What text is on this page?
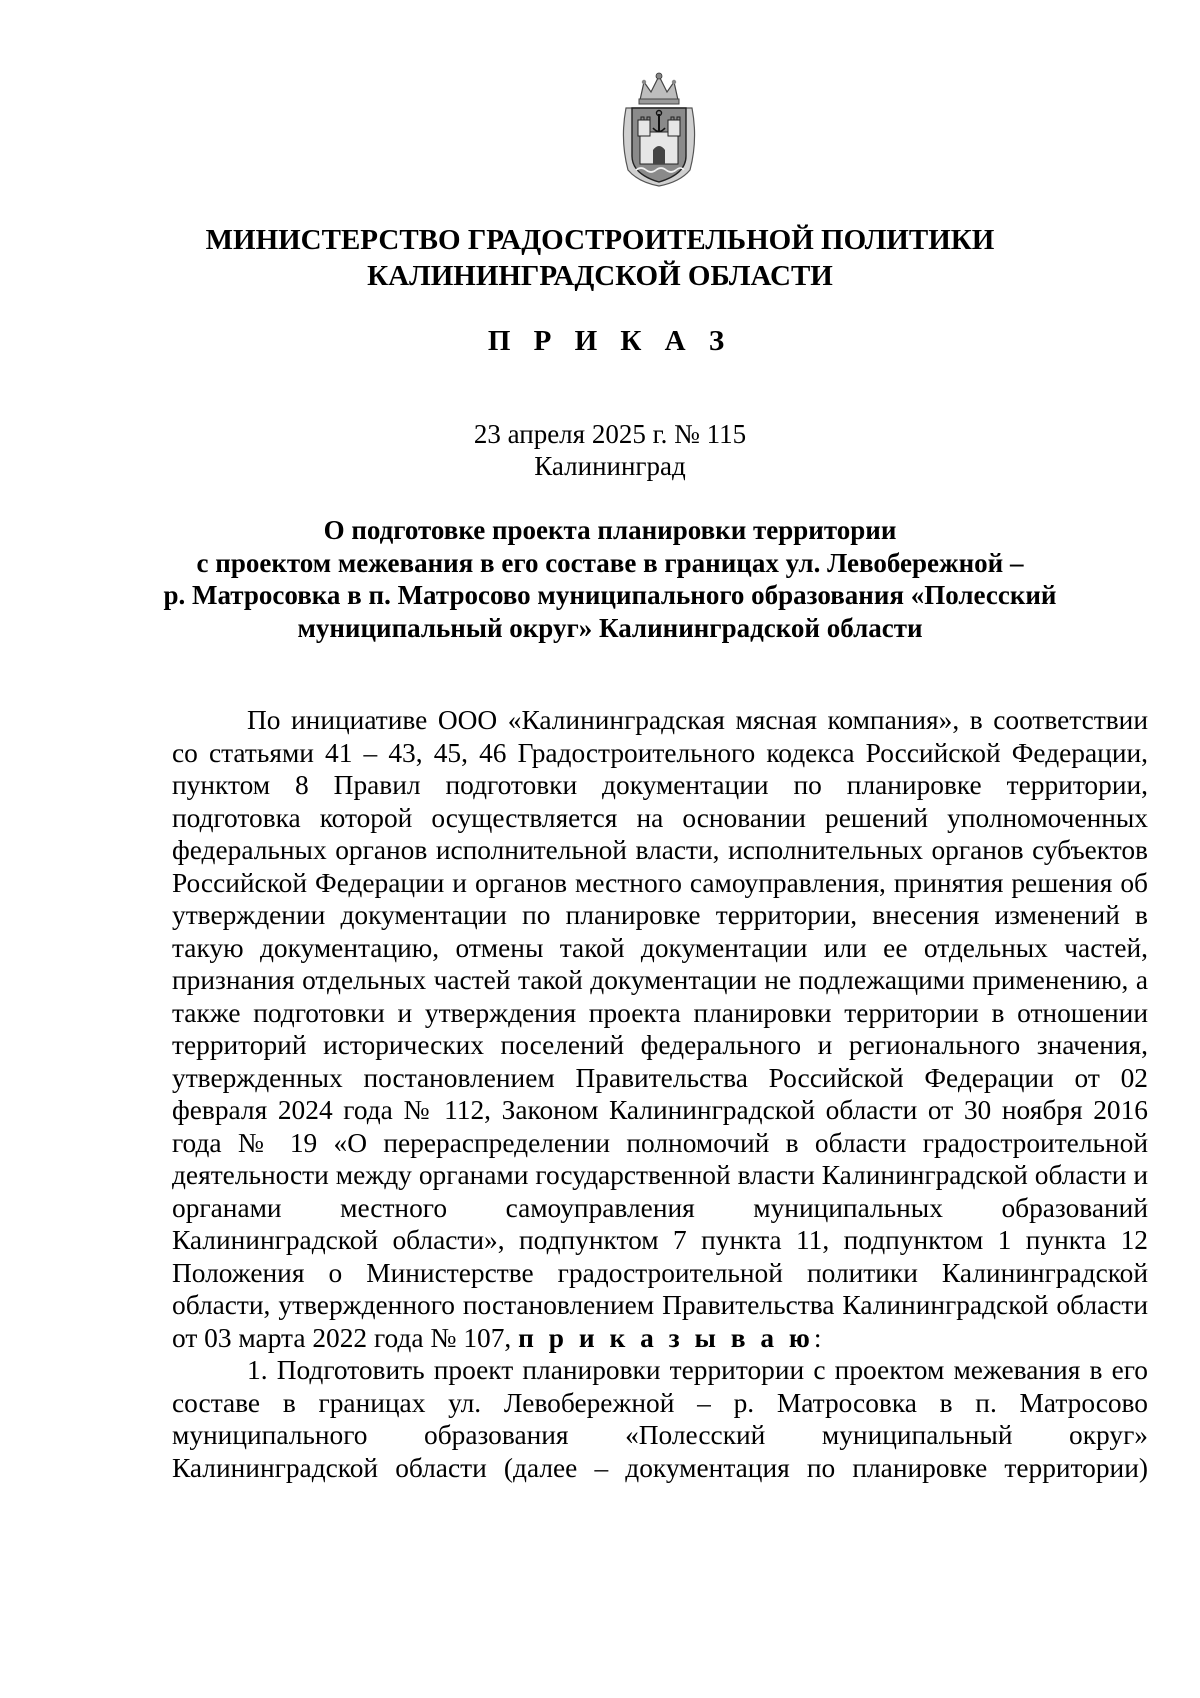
МИНИСТЕРСТВО ГРАДОСТРОИТЕЛЬНОЙ ПОЛИТИКИ
КАЛИНИНГРАДСКОЙ ОБЛАСТИ
П Р И К А З
23 апреля 2025 г. № 115
Калининград
О подготовке проекта планировки территории
с проектом межевания в его составе в границах ул. Левобережной –
р. Матросовка в п. Матросово муниципального образования «Полесский
муниципальный округ» Калининградской области

По инициативе ООО «Калининградская мясная компания», в соответствии со статьями 41 – 43, 45, 46 Градостроительного кодекса Российской Федерации, пунктом 8 Правил подготовки документации по планировке территории, подготовка которой осуществляется на основании решений уполномоченных федеральных органов исполнительной власти, исполнительных органов субъектов Российской Федерации и органов местного самоуправления, принятия решения об утверждении документации по планировке территории, внесения изменений в такую документацию, отмены такой документации или ее отдельных частей, признания отдельных частей такой документации не подлежащими применению, а также подготовки и утверждения проекта планировки территории в отношении территорий исторических поселений федерального и регионального значения, утвержденных постановлением Правительства Российской Федерации от 02 февраля 2024 года № 112, Законом Калининградской области от 30 ноября 2016 года № 19 «О перераспределении полномочий в области градостроительной деятельности между органами государственной власти Калининградской области и органами местного самоуправления муниципальных образований Калининградской области», подпунктом 7 пункта 11, подпунктом 1 пункта 12 Положения о Министерстве градостроительной политики Калининградской области, утвержденного постановлением Правительства Калининградской области от 03 марта 2022 года № 107, п р и к а з ы в а ю:

1. Подготовить проект планировки территории с проектом межевания в его составе в границах ул. Левобережной – р. Матросовка в п. Матросово муниципального образования «Полесский муниципальный округ» Калининградской области (далее – документация по планировке территории)
